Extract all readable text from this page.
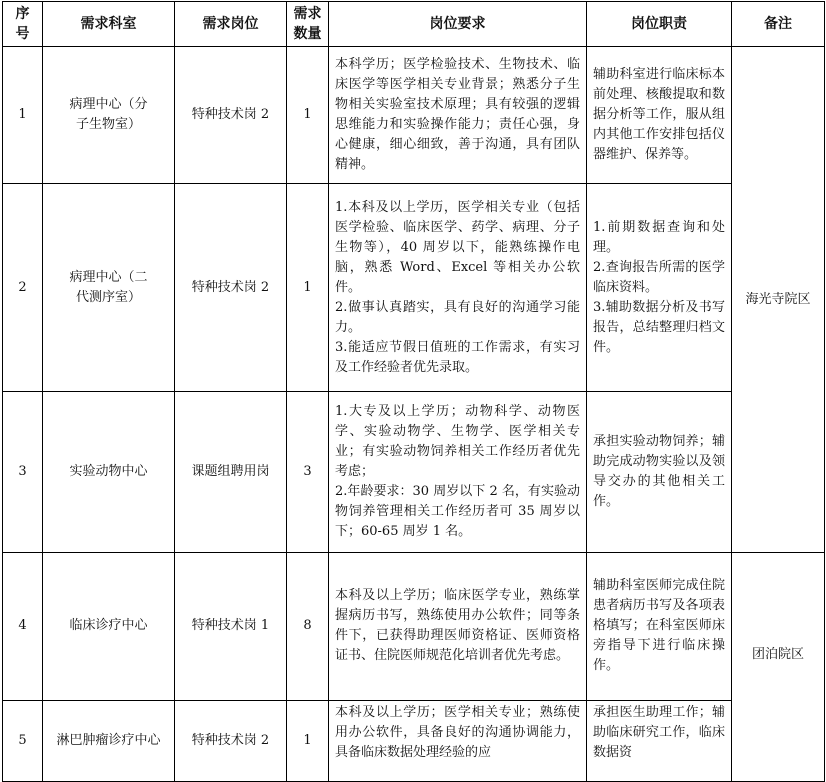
序号	需求科室	需求岗位	需求数量	岗位要求	岗位职责	备注
1	病理中心（分子生物室）	特种技术岗 2	1	本科学历；医学检验技术、生物技术、临床医学等医学相关专业背景；熟悉分子生物相关实验室技术原理；具有较强的逻辑思维能力和实验操作能力；责任心强，身心健康，细心细致，善于沟通，具有团队精神。	辅助科室进行临床标本前处理、核酸提取和数据分析等工作，服从组内其他工作安排包括仪器维护、保养等。	海光寺院区
2	病理中心（二代测序室）	特种技术岗 2	1	1.本科及以上学历，医学相关专业（包括医学检验、临床医学、药学、病理、分子生物等），40 周岁以下，能熟练操作电脑，熟悉 Word、Excel 等相关办公软件。
2.做事认真踏实，具有良好的沟通学习能力。
3.能适应节假日值班的工作需求，有实习及工作经验者优先录取。	1.前期数据查询和处理。
2.查询报告所需的医学临床资料。
3.辅助数据分析及书写报告，总结整理归档文件。	

3	实验动物中心	课题组聘用岗	3	1.大专及以上学历；动物科学、动物医学、实验动物学、生物学、医学相关专业；有实验动物饲养相关工作经历者优先考虑；
2.年龄要求：30 周岁以下 2 名，有实验动物饲养管理相关工作经历者可 35 周岁以下；60-65 周岁 1 名。	承担实验动物饲养；辅助完成动物实验以及领导交办的其他相关工作。	

4	临床诊疗中心	特种技术岗 1	8	本科及以上学历；临床医学专业，熟练掌握病历书写，熟练使用办公软件；同等条件下，已获得助理医师资格证、医师资格证书、住院医师规范化培训者优先考虑。	辅助科室医师完成住院患者病历书写及各项表格填写；在科室医师床旁指导下进行临床操作。	团泊院区
5	淋巴肿瘤诊疗中心	特种技术岗 2	1	本科及以上学历；医学相关专业；熟练使用办公软件，具备良好的沟通协调能力，具备临床数据处理经验的应	承担医生助理工作；辅助临床研究工作，临床数据资	
